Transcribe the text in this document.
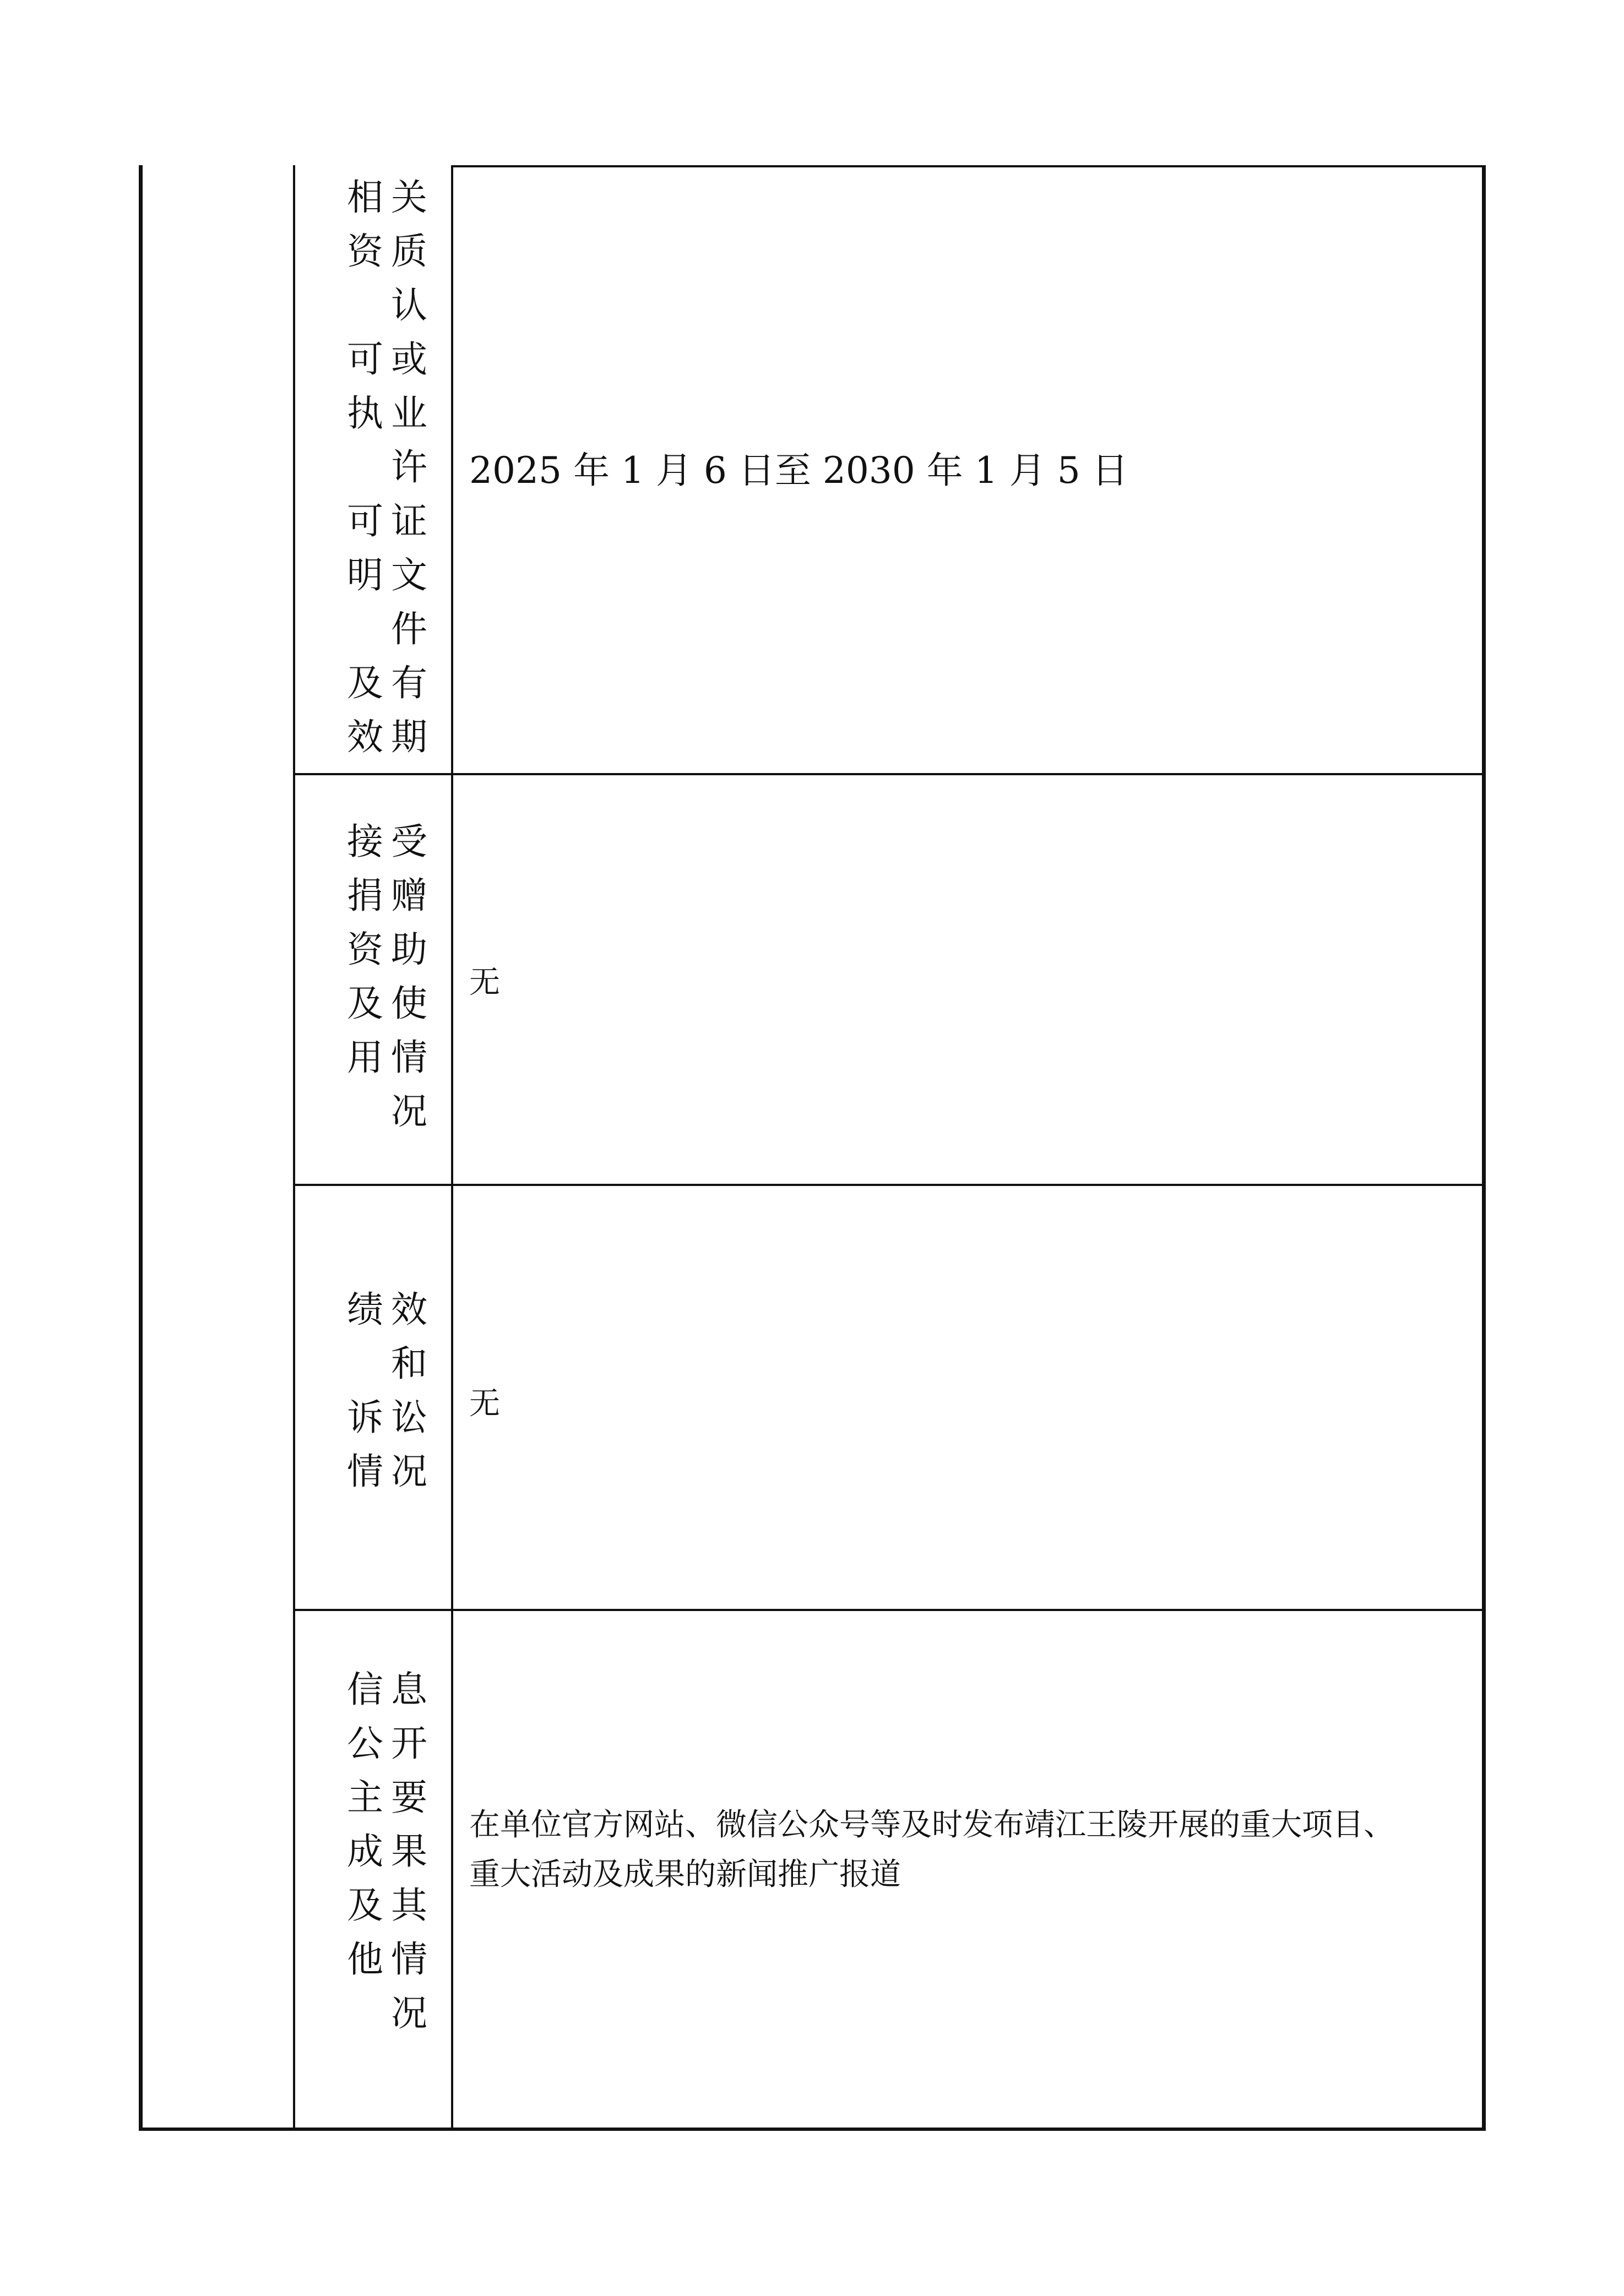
相关
资质
认
可或
执业
许
可证
明文
件
及有
效期
2025 年 1 月 6 日至 2030 年 1 月 5 日
接受
捐赠
资助
及使
用情
况
无
绩效
和
诉讼
情况
无
信息
公开
主要
成果
及其
他情
况
在单位官方网站、微信公众号等及时发布靖江王陵开展的重大项目、
重大活动及成果的新闻推广报道
